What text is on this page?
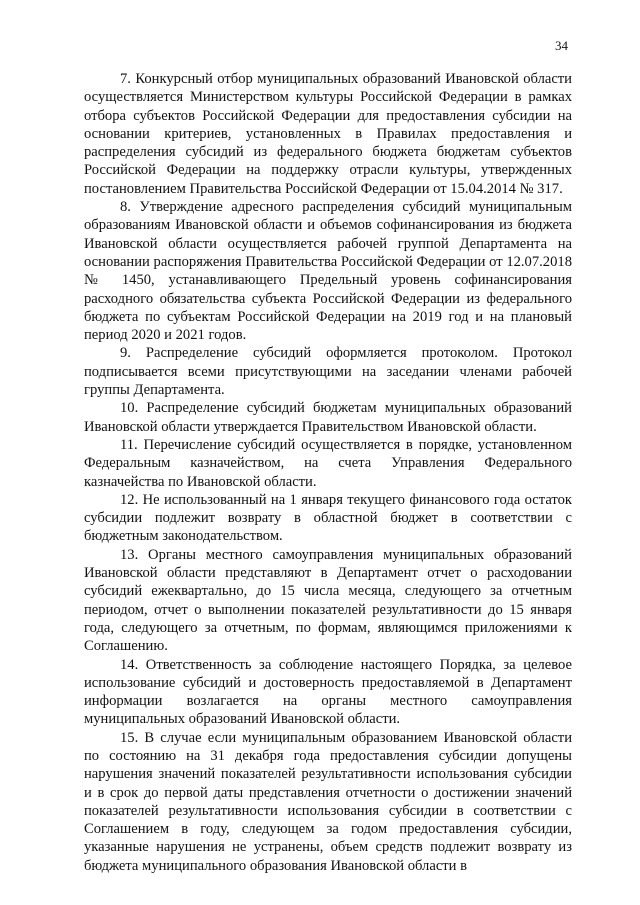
34

7. Конкурсный отбор муниципальных образований Ивановской области осуществляется Министерством культуры Российской Федерации в рамках отбора субъектов Российской Федерации для предоставления субсидии на основании критериев, установленных в Правилах предоставления и распределения субсидий из федерального бюджета бюджетам субъектов Российской Федерации на поддержку отрасли культуры, утвержденных постановлением Правительства Российской Федерации от 15.04.2014 № 317.

8. Утверждение адресного распределения субсидий муниципальным образованиям Ивановской области и объемов софинансирования из бюджета Ивановской области осуществляется рабочей группой Департамента на основании распоряжения Правительства Российской Федерации от 12.07.2018 № 1450, устанавливающего Предельный уровень софинансирования расходного обязательства субъекта Российской Федерации из федерального бюджета по субъектам Российской Федерации на 2019 год и на плановый период 2020 и 2021 годов.

9. Распределение субсидий оформляется протоколом. Протокол подписывается всеми присутствующими на заседании членами рабочей группы Департамента.

10. Распределение субсидий бюджетам муниципальных образований Ивановской области утверждается Правительством Ивановской области.

11. Перечисление субсидий осуществляется в порядке, установленном Федеральным казначейством, на счета Управления Федерального казначейства по Ивановской области.

12. Не использованный на 1 января текущего финансового года остаток субсидии подлежит возврату в областной бюджет в соответствии с бюджетным законодательством.

13. Органы местного самоуправления муниципальных образований Ивановской области представляют в Департамент отчет о расходовании субсидий ежеквартально, до 15 числа месяца, следующего за отчетным периодом, отчет о выполнении показателей результативности до 15 января года, следующего за отчетным, по формам, являющимся приложениями к Соглашению.

14. Ответственность за соблюдение настоящего Порядка, за целевое использование субсидий и достоверность предоставляемой в Департамент информации возлагается на органы местного самоуправления муниципальных образований Ивановской области.

15. В случае если муниципальным образованием Ивановской области по состоянию на 31 декабря года предоставления субсидии допущены нарушения значений показателей результативности использования субсидии и в срок до первой даты представления отчетности о достижении значений показателей результативности использования субсидии в соответствии с Соглашением в году, следующем за годом предоставления субсидии, указанные нарушения не устранены, объем средств подлежит возврату из бюджета муниципального образования Ивановской области в
